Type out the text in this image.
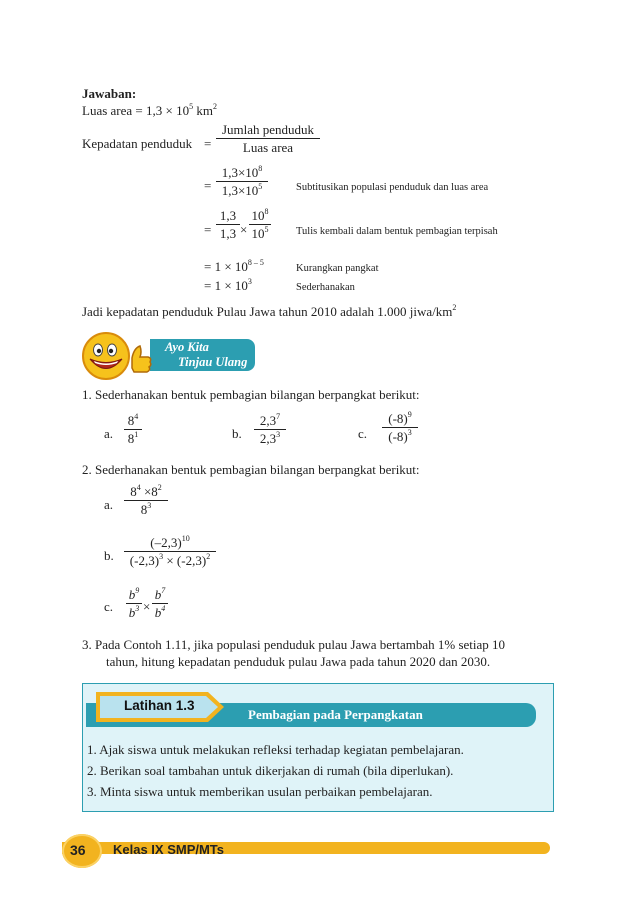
Jawaban:
Luas area = $1,3 \times 10^5$ $km^2$
Kepadatan penduduk =
Jumlah penduduk
Luas area
=
$1,3\times 10^8$
$1,3\times 10^5$	Subtitusikan populasi penduduk dan luas area
=
1,3
1,3 ×
$10^8$
$10^5$	Tulis kembali dalam bentuk pembagian terpisah
= $1 \times 10^{8 - 5}$
Kurangkan pangkat
= $1 \times 10^3$
Sederhanakan
Jadi kepadatan penduduk Pulau Jawa tahun 2010 adalah 1.000 jiwa/$km^2$
Ayo Kita
Tinjau Ulang
1. Sederhanakan bentuk pembagian bilangan berpangkat berikut:
a.
$8^4$
$8^1$	b.
$2,3^7$
$2,3^3$	c.
$(-8)^9$
$(-8)^3$
2. Sederhanakan bentuk pembagian bilangan berpangkat berikut:
a.
$8^4 \times 8^2$
$8^3$
b.
$(-2,3)^{10}$
$(-2,3)^3 \times (-2,3)^2$
c.
$b^9$
$b^3$ ×
$b^7$
$b^4$
3. Pada Contoh 1.11, jika populasi penduduk pulau Jawa bertambah 1% setiap 10
tahun, hitung kepadatan penduduk pulau Jawa pada tahun 2020 dan 2030.
Latihan 1.3
Pembagian pada Perpangkatan
1. Ajak siswa untuk melakukan refleksi terhadap kegiatan pembelajaran.
2. Berikan soal tambahan untuk dikerjakan di rumah (bila diperlukan).
3. Minta siswa untuk memberikan usulan perbaikan pembelajaran.
36 Kelas IX SMP/MTs
